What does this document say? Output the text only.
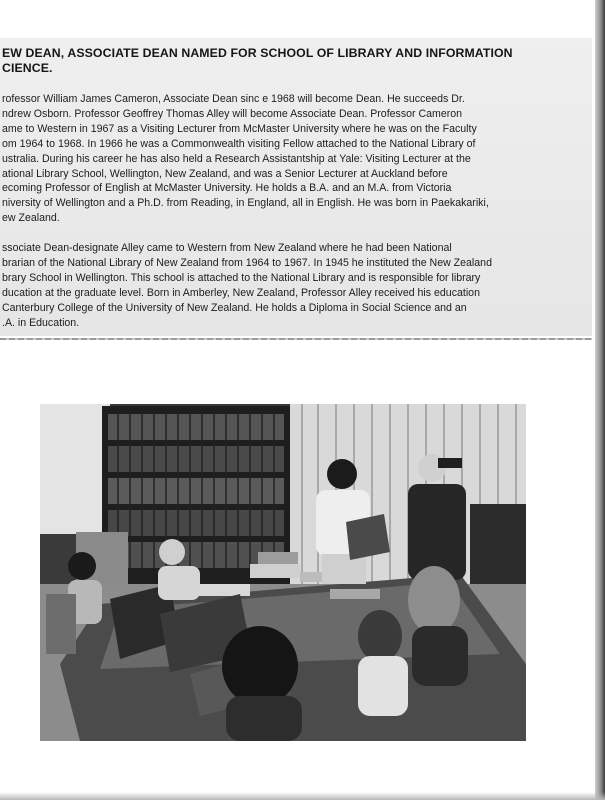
EW DEAN, ASSOCIATE DEAN NAMED FOR SCHOOL OF LIBRARY AND INFORMATION
CIENCE.

rofessor William James Cameron, Associate Dean sinc e 1968 will become Dean. He succeeds Dr.
ndrew Osborn. Professor Geoffrey Thomas Alley will become Associate Dean. Professor Cameron
ame to Western in 1967 as a Visiting Lecturer from McMaster University where he was on the Faculty
om 1964 to 1968. In 1966 he was a Commonwealth visiting Fellow attached to the National Library of
ustralia. During his career he has also held a Research Assistantship at Yale: Visiting Lecturer at the
ational Library School, Wellington, New Zealand, and was a Senior Lecturer at Auckland before
ecoming Professor of English at McMaster University. He holds a B.A. and an M.A. from Victoria
niversity of Wellington and a Ph.D. from Reading, in England, all in English. He was born in Paekakariki,
ew Zealand.

ssociate Dean-designate Alley came to Western from New Zealand where he had been National
brarian of the National Library of New Zealand from 1964 to 1967. In 1945 he instituted the New Zealand
brary School in Wellington. This school is attached to the National Library and is responsible for library
ducation at the graduate level. Born in Amberley, New Zealand, Professor Alley received his education
Canterbury College of the University of New Zealand. He holds a Diploma in Social Science and an
.A. in Education.
